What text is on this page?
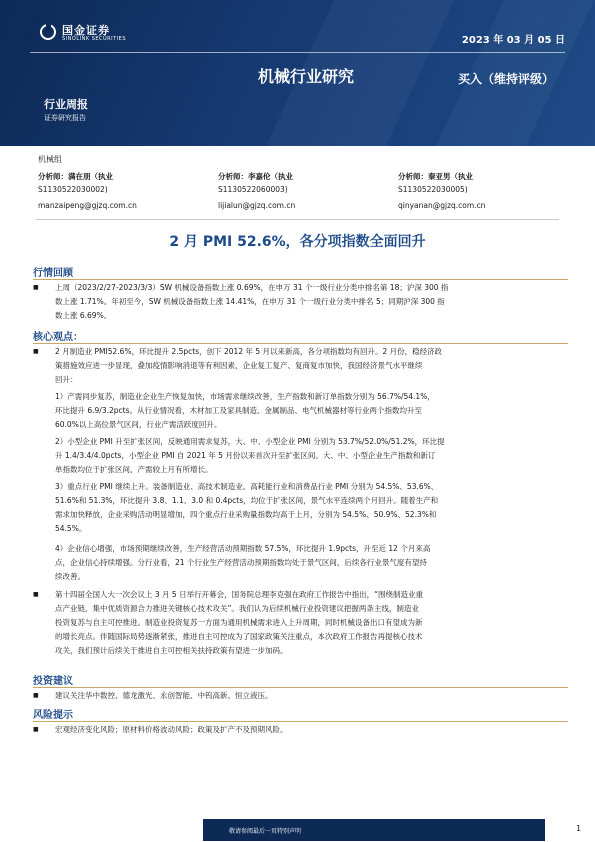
国金证券
SINOLINK SECURITIES	2023 年 03 月 05 日
机械行业研究	买入（维持评级）
行业周报
证券研究报告
机械组
分析师：满在朋（执业
S1130522030002)
manzaipeng@gjzq.com.cn
分析师：李嘉伦（执业
S1130522060003)
lijialun@gjzq.com.cn
分析师：秦亚男（执业
S1130522030005)
qinyanan@gjzq.com.cn
2 月 PMI 52.6%，各分项指数全面回升
行情回顾
■ 上周（2023/2/27-2023/3/3）SW 机械设备指数上涨 0.69%，在申万 31 个一级行业分类中排名第 18；沪深 300 指
数上涨 1.71%。年初至今，SW 机械设备指数上涨 14.41%，在申万 31 个一级行业分类中排名 5；同期沪深 300 指
数上涨 6.69%。
核心观点：
■ 2 月制造业 PMI52.6%，环比提升 2.5pcts，创下 2012 年 5 月以来新高，各分项指数均有回升。2 月份，稳经济政
策措施效应进一步显现，叠加疫情影响消退等有利因素，企业复工复产、复商复市加快，我国经济景气水平继续
回升：
1）产需同步复苏，制造业企业生产恢复加快，市场需求继续改善，生产指数和新订单指数分别为 56.7%/54.1%，
环比提升 6.9/3.2pcts。从行业情况看，木材加工及家具制造、金属制品、电气机械器材等行业两个指数均升至
60.0%以上高位景气区间，行业产需活跃度回升。
2）小型企业 PMI 升至扩张区间，反映通用需求复苏，大、中、小型企业 PMI 分别为 53.7%/52.0%/51.2%，环比提
升 1.4/3.4/4.0pcts，小型企业 PMI 自 2021 年 5 月份以来首次升至扩张区间。大、中、小型企业生产指数和新订
单指数均位于扩张区间，产需较上月有所增长。
3）重点行业 PMI 继续上升。装备制造业、高技术制造业、高耗能行业和消费品行业 PMI 分别为 54.5%、53.6%、
51.6%和 51.3%，环比提升 3.8、1.1、3.0 和 0.4pcts，均位于扩张区间，景气水平连续两个月回升。随着生产和
需求加快释放，企业采购活动明显增加，四个重点行业采购量指数均高于上月，分别为 54.5%、50.9%、52.3%和
54.5%。
4）企业信心增强，市场预期继续改善，生产经营活动预期指数 57.5%，环比提升 1.9pcts，升至近 12 个月来高
点，企业信心持续增强。分行业看，21 个行业生产经营活动预期指数均处于景气区间，后续各行业景气度有望持
续改善。
■ 第十四届全国人大一次会议上 3 月 5 日举行开幕会，国务院总理李克强在政府工作报告中指出，“围绕制造业重
点产业链，集中优质资源合力推进关键核心技术攻关”。我们认为后续机械行业投资建议把握两条主线，制造业
投资复苏与自主可控推进。制造业投资复苏一方面为通用机械需求进入上升周期，同时机械设备出口有望成为新
的增长亮点。伴随国际局势逐渐紧张，推进自主可控成为了国家政策关注重点，本次政府工作报告再提核心技术
攻关，我们预计后续关于推进自主可控相关扶持政策有望进一步加码。
投资建议
■ 建议关注华中数控、德龙激光、永创智能、中钨高新、恒立液压。
风险提示
■ 宏观经济变化风险；原材料价格波动风险；政策及扩产不及预期风险。
敬请参阅最后一页特别声明	1
